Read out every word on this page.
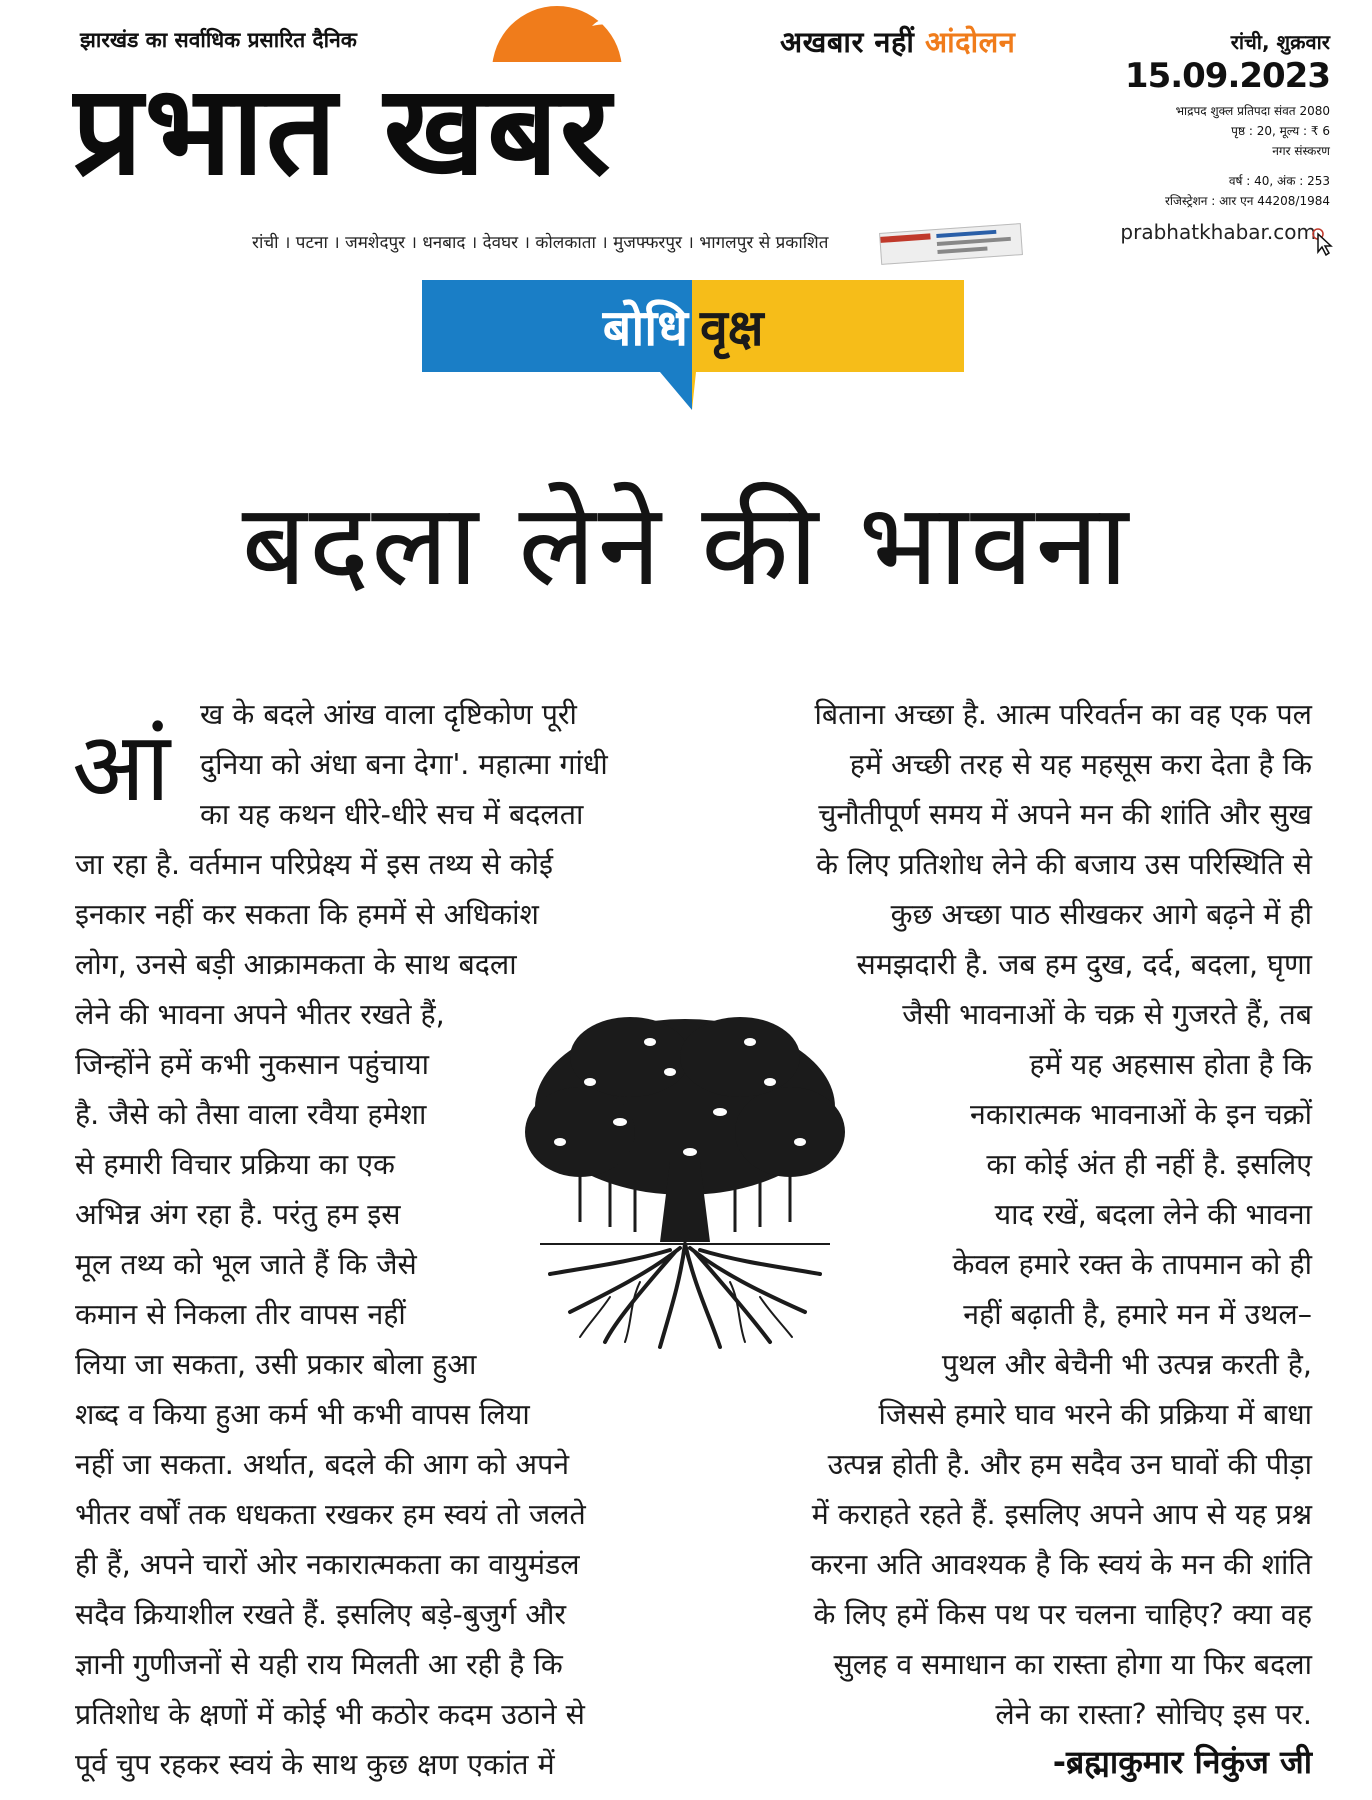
झारखंड का सर्वाधिक प्रसारित दैनिक	अखबार नहीं आंदोलन
प्रभात खबर
रांची । पटना । जमशेदपुर । धनबाद । देवघर । कोलकाता । मुजफ्फरपुर । भागलपुर से प्रकाशित
रांची, शुक्रवार
15.09.2023
भाद्रपद शुक्ल प्रतिपदा संवत 2080
पृष्ठ : 20, मूल्य : ₹ 6
नगर संस्करण
वर्ष : 40, अंक : 253
रजिस्ट्रेशन : आर एन 44208/1984
prabhatkhabar.com
बोधि वृक्ष
बदला लेने की भावना
आं ख के बदले आंख वाला दृष्टिकोण पूरी
दुनिया को अंधा बना देगा'. महात्मा गांधी
का यह कथन धीरे-धीरे सच में बदलता
जा रहा है. वर्तमान परिप्रेक्ष्य में इस तथ्य से कोई
इनकार नहीं कर सकता कि हममें से अधिकांश
लोग, उनसे बड़ी आक्रामकता के साथ बदला
लेने की भावना अपने भीतर रखते हैं,
जिन्होंने हमें कभी नुकसान पहुंचाया
है. जैसे को तैसा वाला रवैया हमेशा
से हमारी विचार प्रक्रिया का एक
अभिन्न अंग रहा है. परंतु हम इस
मूल तथ्य को भूल जाते हैं कि जैसे
कमान से निकला तीर वापस नहीं
लिया जा सकता, उसी प्रकार बोला हुआ
शब्द व किया हुआ कर्म भी कभी वापस लिया
नहीं जा सकता. अर्थात, बदले की आग को अपने
भीतर वर्षों तक धधकता रखकर हम स्वयं तो जलते
ही हैं, अपने चारों ओर नकारात्मकता का वायुमंडल
सदैव क्रियाशील रखते हैं. इसलिए बड़े-बुजुर्ग और
ज्ञानी गुणीजनों से यही राय मिलती आ रही है कि
प्रतिशोध के क्षणों में कोई भी कठोर कदम उठाने से
पूर्व चुप रहकर स्वयं के साथ कुछ क्षण एकांत में
बिताना अच्छा है. आत्म परिवर्तन का वह एक पल
हमें अच्छी तरह से यह महसूस करा देता है कि
चुनौतीपूर्ण समय में अपने मन की शांति और सुख
के लिए प्रतिशोध लेने की बजाय उस परिस्थिति से
कुछ अच्छा पाठ सीखकर आगे बढ़ने में ही
समझदारी है. जब हम दुख, दर्द, बदला, घृणा
जैसी भावनाओं के चक्र से गुजरते हैं, तब
हमें यह अहसास होता है कि
नकारात्मक भावनाओं के इन चक्रों
का कोई अंत ही नहीं है. इसलिए
याद रखें, बदला लेने की भावना
केवल हमारे रक्त के तापमान को ही
नहीं बढ़ाती है, हमारे मन में उथल–
पुथल और बेचैनी भी उत्पन्न करती है,
जिससे हमारे घाव भरने की प्रक्रिया में बाधा
उत्पन्न होती है. और हम सदैव उन घावों की पीड़ा
में कराहते रहते हैं. इसलिए अपने आप से यह प्रश्न
करना अति आवश्यक है कि स्वयं के मन की शांति
के लिए हमें किस पथ पर चलना चाहिए? क्या वह
सुलह व समाधान का रास्ता होगा या फिर बदला
लेने का रास्ता? सोचिए इस पर.
-ब्रह्माकुमार निकुंज जी
